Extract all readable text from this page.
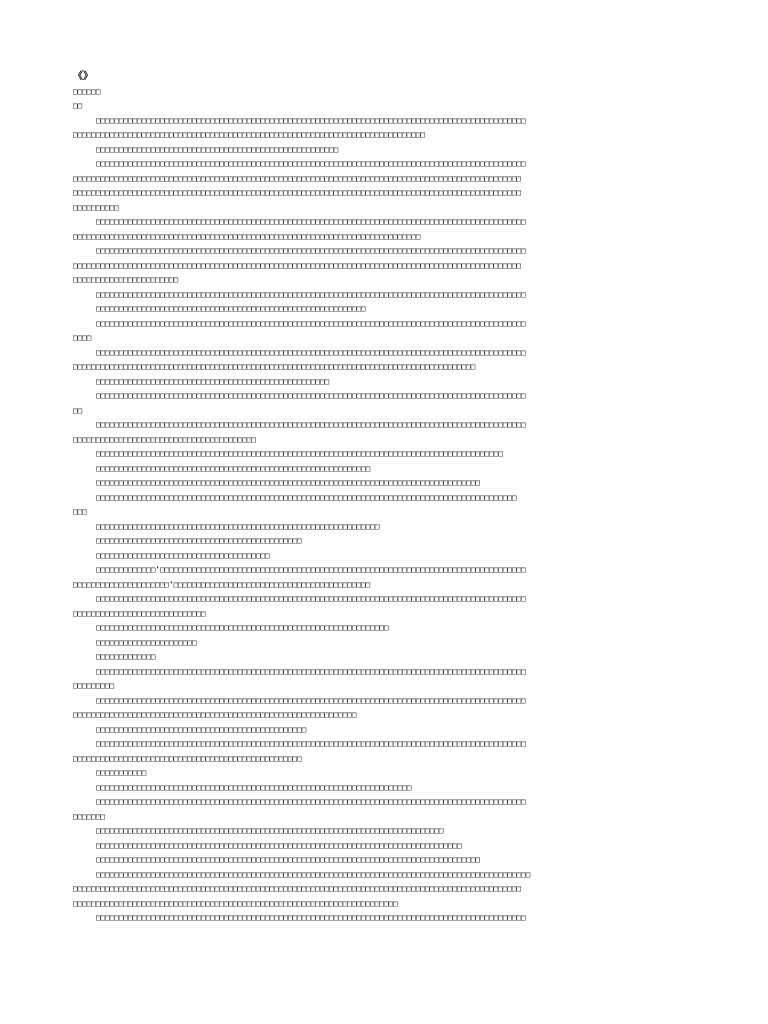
《》
□□□□□□
□□
□□□□□□□□□□□□□□□□□□□□□□□□□□□□□□□□□□□□□□□□□□□□□□□□□□□□□□□□□□□□□□□□□□□□□□□□□□□□□□□□□□□□□□□□□□□□□□
□□□□□□□□□□□□□□□□□□□□□□□□□□□□□□□□□□□□□□□□□□□□□□□□□□□□□□□□□□□□□□□□□□□□□□□□□□□□□
□□□□□□□□□□□□□□□□□□□□□□□□□□□□□□□□□□□□□□□□□□□□□□□□□□□□□
□□□□□□□□□□□□□□□□□□□□□□□□□□□□□□□□□□□□□□□□□□□□□□□□□□□□□□□□□□□□□□□□□□□□□□□□□□□□□□□□□□□□□□□□□□□□□□
□□□□□□□□□□□□□□□□□□□□□□□□□□□□□□□□□□□□□□□□□□□□□□□□□□□□□□□□□□□□□□□□□□□□□□□□□□□□□□□□□□□□□□□□□□□□□□□□□□
□□□□□□□□□□□□□□□□□□□□□□□□□□□□□□□□□□□□□□□□□□□□□□□□□□□□□□□□□□□□□□□□□□□□□□□□□□□□□□□□□□□□□□□□□□□□□□□□□□
□□□□□□□□□□
□□□□□□□□□□□□□□□□□□□□□□□□□□□□□□□□□□□□□□□□□□□□□□□□□□□□□□□□□□□□□□□□□□□□□□□□□□□□□□□□□□□□□□□□□□□□□□
□□□□□□□□□□□□□□□□□□□□□□□□□□□□□□□□□□□□□□□□□□□□□□□□□□□□□□□□□□□□□□□□□□□□□□□□□□□□
□□□□□□□□□□□□□□□□□□□□□□□□□□□□□□□□□□□□□□□□□□□□□□□□□□□□□□□□□□□□□□□□□□□□□□□□□□□□□□□□□□□□□□□□□□□□□□
□□□□□□□□□□□□□□□□□□□□□□□□□□□□□□□□□□□□□□□□□□□□□□□□□□□□□□□□□□□□□□□□□□□□□□□□□□□□□□□□□□□□□□□□□□□□□□□□□□
□□□□□□□□□□□□□□□□□□□□□□□
□□□□□□□□□□□□□□□□□□□□□□□□□□□□□□□□□□□□□□□□□□□□□□□□□□□□□□□□□□□□□□□□□□□□□□□□□□□□□□□□□□□□□□□□□□□□□□
□□□□□□□□□□□□□□□□□□□□□□□□□□□□□□□□□□□□□□□□□□□□□□□□□□□□□□□□□□□
□□□□□□□□□□□□□□□□□□□□□□□□□□□□□□□□□□□□□□□□□□□□□□□□□□□□□□□□□□□□□□□□□□□□□□□□□□□□□□□□□□□□□□□□□□□□□□
□□□□
□□□□□□□□□□□□□□□□□□□□□□□□□□□□□□□□□□□□□□□□□□□□□□□□□□□□□□□□□□□□□□□□□□□□□□□□□□□□□□□□□□□□□□□□□□□□□□
□□□□□□□□□□□□□□□□□□□□□□□□□□□□□□□□□□□□□□□□□□□□□□□□□□□□□□□□□□□□□□□□□□□□□□□□□□□□□□□□□□□□□□□□
□□□□□□□□□□□□□□□□□□□□□□□□□□□□□□□□□□□□□□□□□□□□□□□□□□□
□□□□□□□□□□□□□□□□□□□□□□□□□□□□□□□□□□□□□□□□□□□□□□□□□□□□□□□□□□□□□□□□□□□□□□□□□□□□□□□□□□□□□□□□□□□□□□
□□
□□□□□□□□□□□□□□□□□□□□□□□□□□□□□□□□□□□□□□□□□□□□□□□□□□□□□□□□□□□□□□□□□□□□□□□□□□□□□□□□□□□□□□□□□□□□□□
□□□□□□□□□□□□□□□□□□□□□□□□□□□□□□□□□□□□□□□□
□□□□□□□□□□□□□□□□□□□□□□□□□□□□□□□□□□□□□□□□□□□□□□□□□□□□□□□□□□□□□□□□□□□□□□□□□□□□□□□□□□□□□□□□□
□□□□□□□□□□□□□□□□□□□□□□□□□□□□□□□□□□□□□□□□□□□□□□□□□□□□□□□□□□□□
□□□□□□□□□□□□□□□□□□□□□□□□□□□□□□□□□□□□□□□□□□□□□□□□□□□□□□□□□□□□□□□□□□□□□□□□□□□□□□□□□□□□
□□□□□□□□□□□□□□□□□□□□□□□□□□□□□□□□□□□□□□□□□□□□□□□□□□□□□□□□□□□□□□□□□□□□□□□□□□□□□□□□□□□□□□□□□□□□
□□□
□□□□□□□□□□□□□□□□□□□□□□□□□□□□□□□□□□□□□□□□□□□□□□□□□□□□□□□□□□□□□□
□□□□□□□□□□□□□□□□□□□□□□□□□□□□□□□□□□□□□□□□□□□□□
□□□□□□□□□□□□□□□□□□□□□□□□□□□□□□□□□□□□□□
□□□□□□□□□□□□□‘□□□□□□□□□□□□□□□□□□□□□□□□□□□□□□□□□□□□□□□□□□□□□□□□□□□□□□□□□□□□□□□□□□□□□□□□□□□□□□□□
□□□□□□□□□□□□□□□□□□□□□‘□□□□□□□□□□□□□□□□□□□□□□□□□□□□□□□□□□□□□□□□□□□
□□□□□□□□□□□□□□□□□□□□□□□□□□□□□□□□□□□□□□□□□□□□□□□□□□□□□□□□□□□□□□□□□□□□□□□□□□□□□□□□□□□□□□□□□□□□□□
□□□□□□□□□□□□□□□□□□□□□□□□□□□□□
□□□□□□□□□□□□□□□□□□□□□□□□□□□□□□□□□□□□□□□□□□□□□□□□□□□□□□□□□□□□□□□□
□□□□□□□□□□□□□□□□□□□□□□
□□□□□□□□□□□□□
□□□□□□□□□□□□□□□□□□□□□□□□□□□□□□□□□□□□□□□□□□□□□□□□□□□□□□□□□□□□□□□□□□□□□□□□□□□□□□□□□□□□□□□□□□□□□□
□□□□□□□□□
□□□□□□□□□□□□□□□□□□□□□□□□□□□□□□□□□□□□□□□□□□□□□□□□□□□□□□□□□□□□□□□□□□□□□□□□□□□□□□□□□□□□□□□□□□□□□□
□□□□□□□□□□□□□□□□□□□□□□□□□□□□□□□□□□□□□□□□□□□□□□□□□□□□□□□□□□□□□□
□□□□□□□□□□□□□□□□□□□□□□□□□□□□□□□□□□□□□□□□□□□□□□
□□□□□□□□□□□□□□□□□□□□□□□□□□□□□□□□□□□□□□□□□□□□□□□□□□□□□□□□□□□□□□□□□□□□□□□□□□□□□□□□□□□□□□□□□□□□□□
□□□□□□□□□□□□□□□□□□□□□□□□□□□□□□□□□□□□□□□□□□□□□□□□□□
□□□□□□□□□□□
□□□□□□□□□□□□□□□□□□□□□□□□□□□□□□□□□□□□□□□□□□□□□□□□□□□□□□□□□□□□□□□□□□□□□
□□□□□□□□□□□□□□□□□□□□□□□□□□□□□□□□□□□□□□□□□□□□□□□□□□□□□□□□□□□□□□□□□□□□□□□□□□□□□□□□□□□□□□□□□□□□□□
□□□□□□□
□□□□□□□□□□□□□□□□□□□□□□□□□□□□□□□□□□□□□□□□□□□□□□□□□□□□□□□□□□□□□□□□□□□□□□□□□□□□
□□□□□□□□□□□□□□□□□□□□□□□□□□□□□□□□□□□□□□□□□□□□□□□□□□□□□□□□□□□□□□□□□□□□□□□□□□□□□□□□
□□□□□□□□□□□□□□□□□□□□□□□□□□□□□□□□□□□□□□□□□□□□□□□□□□□□□□□□□□□□□□□□□□□□□□□□□□□□□□□□□□□□
□□□□□□□□□□□□□□□□□□□□□□□□□□□□□□□□□□□□□□□□□□□□□□□□□□□□□□□□□□□□□□□□□□□□□□□□□□□□□□□□□□□□□□□□□□□□□□□
□□□□□□□□□□□□□□□□□□□□□□□□□□□□□□□□□□□□□□□□□□□□□□□□□□□□□□□□□□□□□□□□□□□□□□□□□□□□□□□□□□□□□□□□□□□□□□□□□□
□□□□□□□□□□□□□□□□□□□□□□□□□□□□□□□□□□□□□□□□□□□□□□□□□□□□□□□□□□□□□□□□□□□□□□□
□□□□□□□□□□□□□□□□□□□□□□□□□□□□□□□□□□□□□□□□□□□□□□□□□□□□□□□□□□□□□□□□□□□□□□□□□□□□□□□□□□□□□□□□□□□□□□
